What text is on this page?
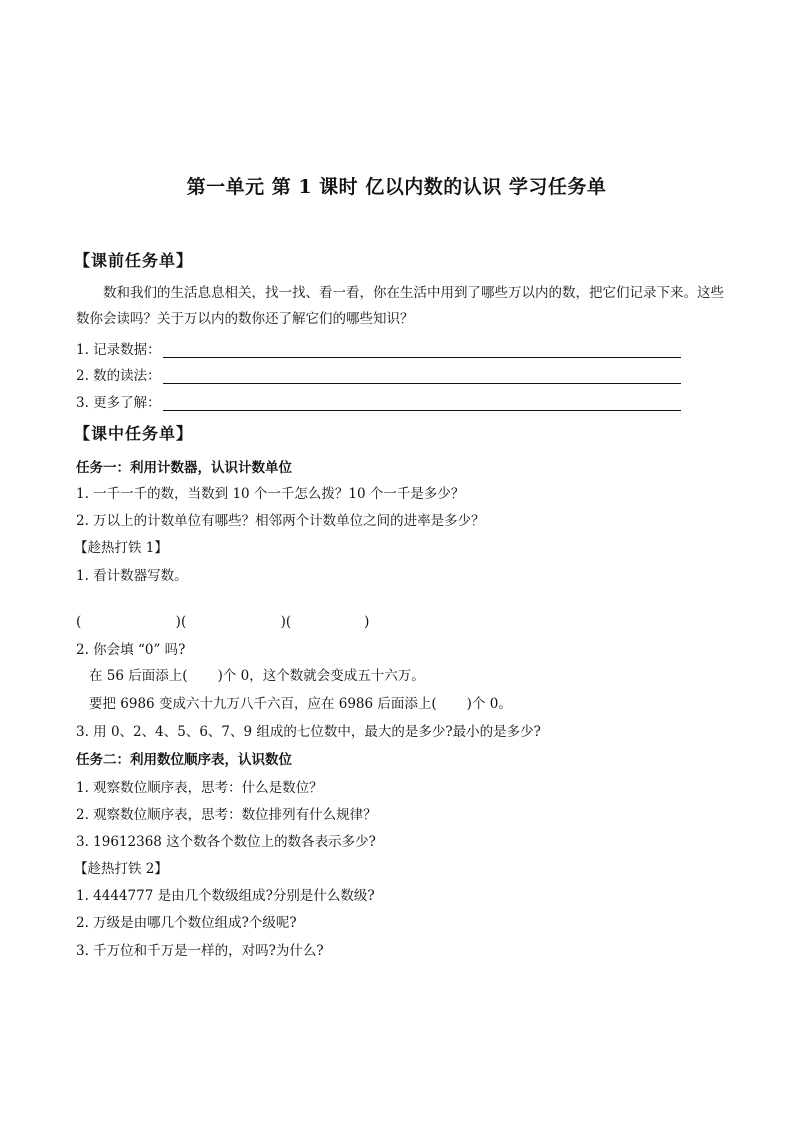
第一单元 第 1 课时 亿以内数的认识 学习任务单
【课前任务单】
数和我们的生活息息相关，找一找、看一看，你在生活中用到了哪些万以内的数，把它们记录下来。这些数你会读吗？关于万以内的数你还了解它们的哪些知识？
1. 记录数据：
2. 数的读法：
3. 更多了解：
【课中任务单】
任务一：利用计数器，认识计数单位
1. 一千一千的数，当数到 10 个一千怎么拨？10 个一千是多少？
2. 万以上的计数单位有哪些？相邻两个计数单位之间的进率是多少？
【趁热打铁 1】
1. 看计数器写数。
(                      )(                      )(                 )
2. 你会填 “0” 吗?
在 56 后面添上(       )个 0，这个数就会变成五十六万。
要把 6986 变成六十九万八千六百，应在 6986 后面添上(       )个 0。
3. 用 0、2、4、5、6、7、9 组成的七位数中，最大的是多少?最小的是多少?
任务二：利用数位顺序表，认识数位
1. 观察数位顺序表，思考：什么是数位？
2. 观察数位顺序表，思考：数位排列有什么规律？
3. 19612368 这个数各个数位上的数各表示多少?
【趁热打铁 2】
1. 4444777 是由几个数级组成?分别是什么数级?
2. 万级是由哪几个数位组成?个级呢?
3. 千万位和千万是一样的，对吗?为什么?
